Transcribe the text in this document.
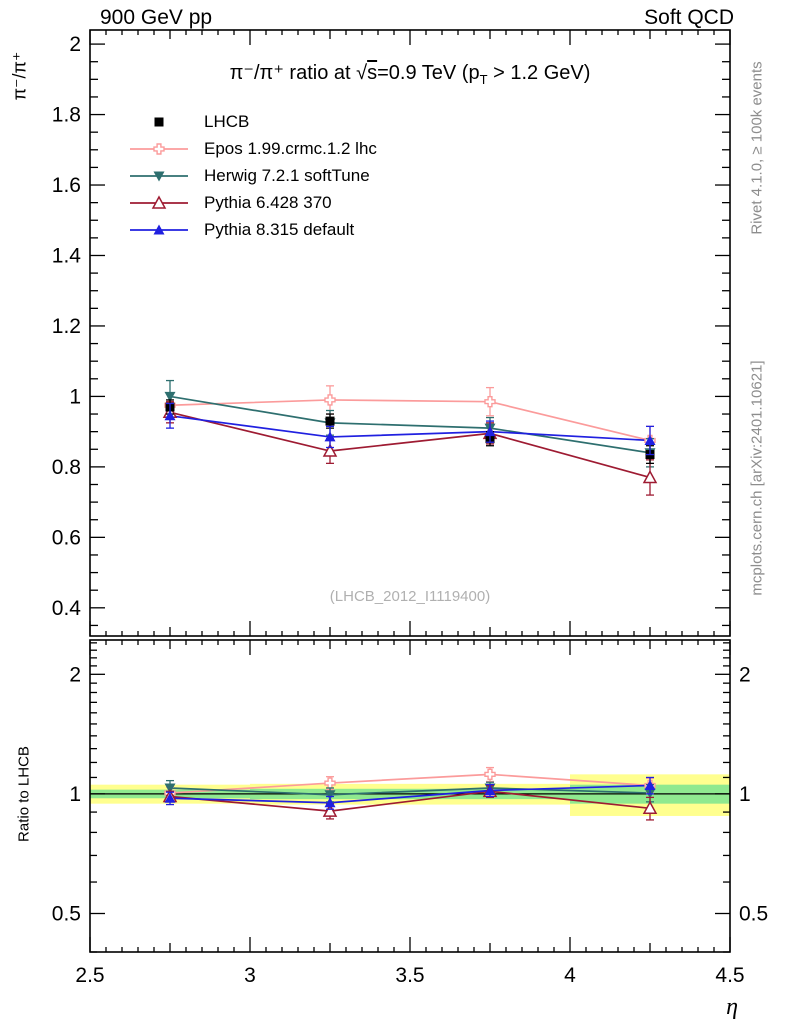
2.5	3	3.5	4	4.5
0.4
0.6
0.8
1
1.2
1.4
1.6
1.8
2
0.5	0.5
1	1
2	2
η
900 GeV pp	Soft QCD
π⁻/π⁺ ratio at √s=0.9 TeV ($p_T > 1.2$ GeV)
π⁻/π⁺
Ratio to LHCB
Rivet 4.1.0, ≥ 100k events
mcplots.cern.ch [arXiv:2401.10621]
(LHCB_2012_I1119400)
LHCB
Epos 1.99.crmc.1.2 lhc
Herwig 7.2.1 softTune
Pythia 6.428 370
Pythia 8.315 default
